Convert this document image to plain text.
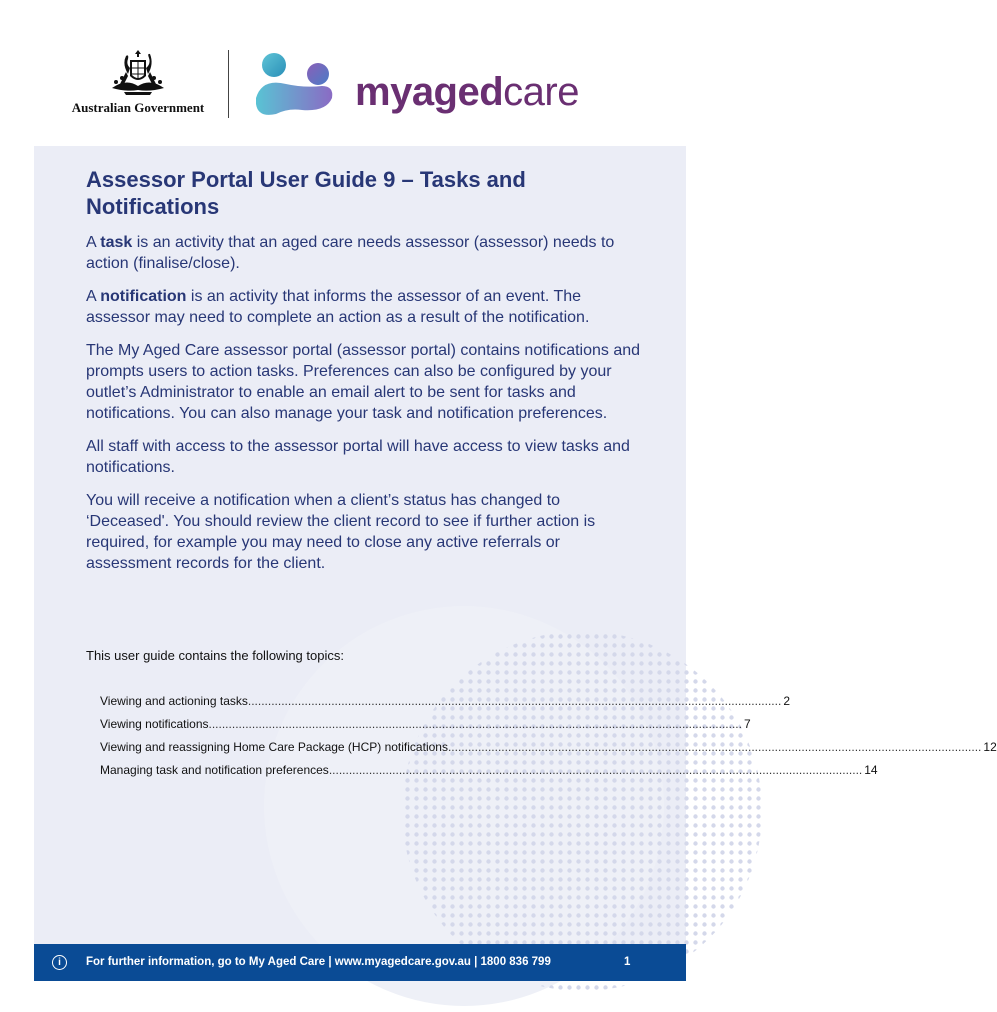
Australian Government	myagedcare
Assessor Portal User Guide 9 – Tasks and Notifications

A task is an activity that an aged care needs assessor (assessor) needs to action (finalise/close).

A notification is an activity that informs the assessor of an event. The assessor may need to complete an action as a result of the notification.

The My Aged Care assessor portal (assessor portal) contains notifications and prompts users to action tasks. Preferences can also be configured by your outlet’s Administrator to enable an email alert to be sent for tasks and notifications. You can also manage your task and notification preferences.

All staff with access to the assessor portal will have access to view tasks and notifications.

You will receive a notification when a client’s status has changed to ‘Deceased'. You should review the client record to see if further action is required, for example you may need to close any active referrals or assessment records for the client.

This user guide contains the following topics:
Viewing and actioning tasks ................................................................................................................................................................ 2
Viewing notifications ................................................................................................................................................................ 7
Viewing and reassigning Home Care Package (HCP) notifications ................................................................................................................................................................ 12
Managing task and notification preferences ................................................................................................................................................................ 14
i	For further information, go to My Aged Care | www.myagedcare.gov.au | 1800 836 799	1
